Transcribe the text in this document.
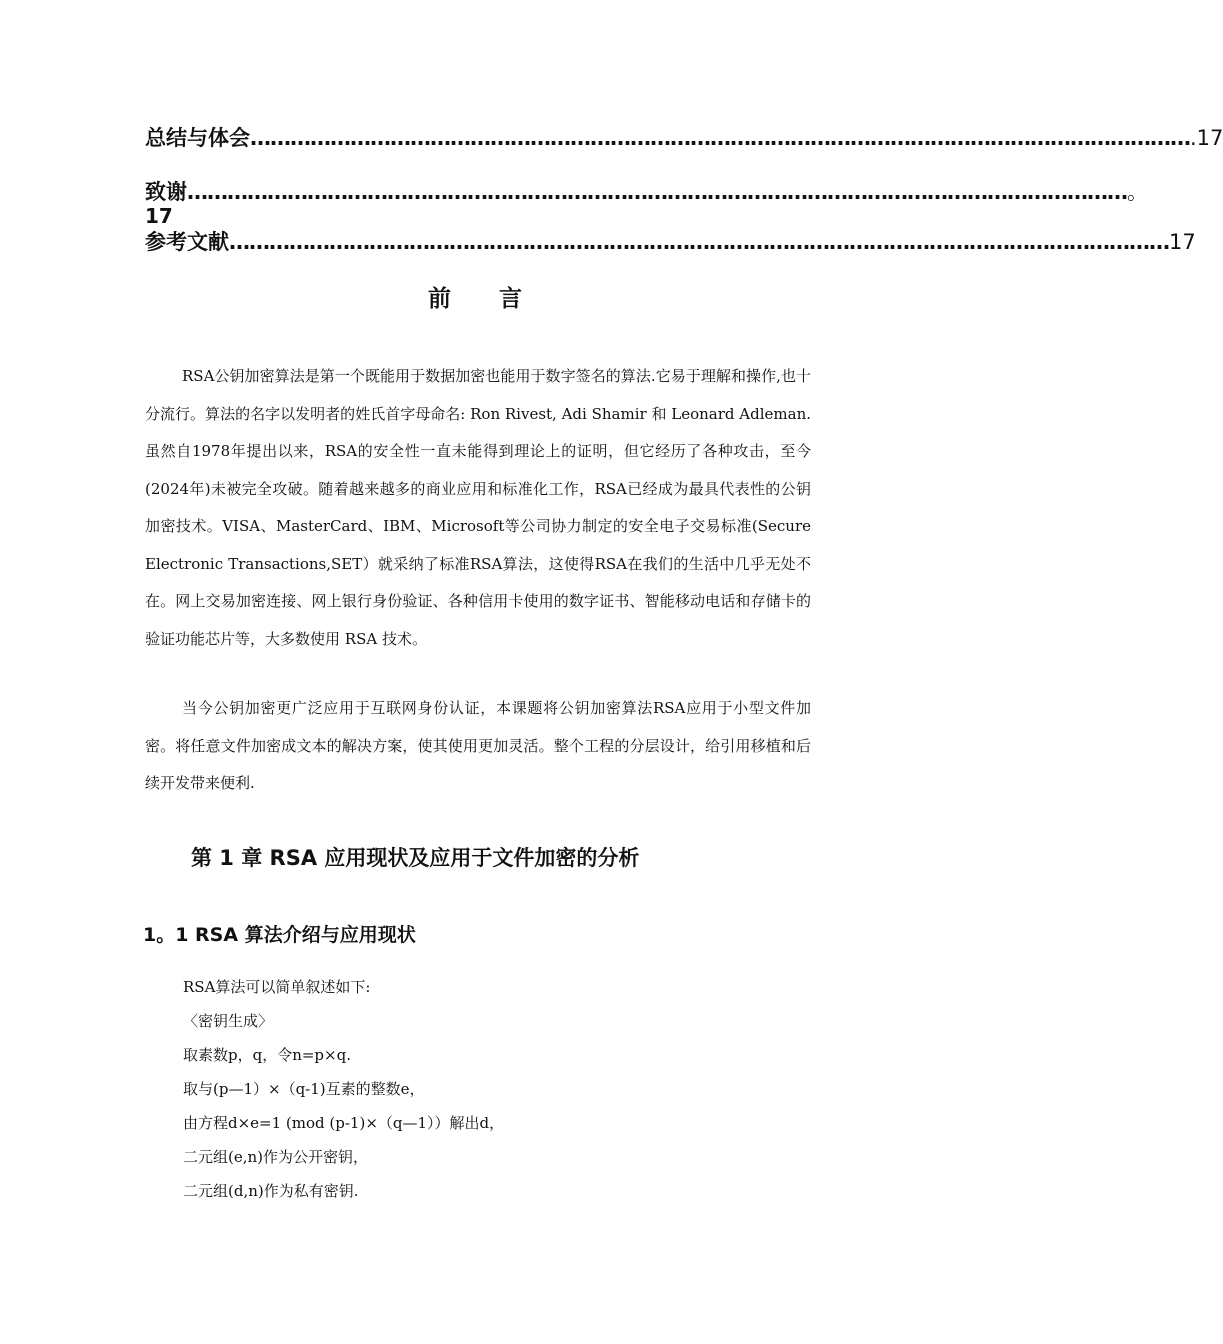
总结与体会 …………………………………………………………………………………………………………………………… .17
致谢 …………………………………………………………………………………………………………………………… 。
17
参考文献 …………………………………………………………………………………………………………………………… 17
前 言

RSA公钥加密算法是第一个既能用于数据加密也能用于数字签名的算法.它易于理解和操作,也十分流行。算法的名字以发明者的姓氏首字母命名: Ron Rivest, Adi Shamir 和 Leonard Adleman.虽然自1978年提出以来，RSA的安全性一直未能得到理论上的证明，但它经历了各种攻击，至今(2024年)未被完全攻破。随着越来越多的商业应用和标准化工作，RSA已经成为最具代表性的公钥加密技术。VISA、MasterCard、IBM、Microsoft等公司协力制定的安全电子交易标准(Secure Electronic Transactions,SET）就采纳了标准RSA算法，这使得RSA在我们的生活中几乎无处不在。网上交易加密连接、网上银行身份验证、各种信用卡使用的数字证书、智能移动电话和存储卡的验证功能芯片等，大多数使用 RSA 技术。

当今公钥加密更广泛应用于互联网身份认证，本课题将公钥加密算法RSA应用于小型文件加密。将任意文件加密成文本的解决方案，使其使用更加灵活。整个工程的分层设计，给引用移植和后续开发带来便利.

第 1 章 RSA 应用现状及应用于文件加密的分析
1。1 RSA 算法介绍与应用现状
RSA算法可以简单叙述如下:
〈密钥生成〉
取素数p，q，令n=p×q.
取与(p—1）×（q-1)互素的整数e，
由方程d×e=1 (mod (p-1)×（q—1））解出d，
二元组(e,n)作为公开密钥，
二元组(d,n)作为私有密钥.
